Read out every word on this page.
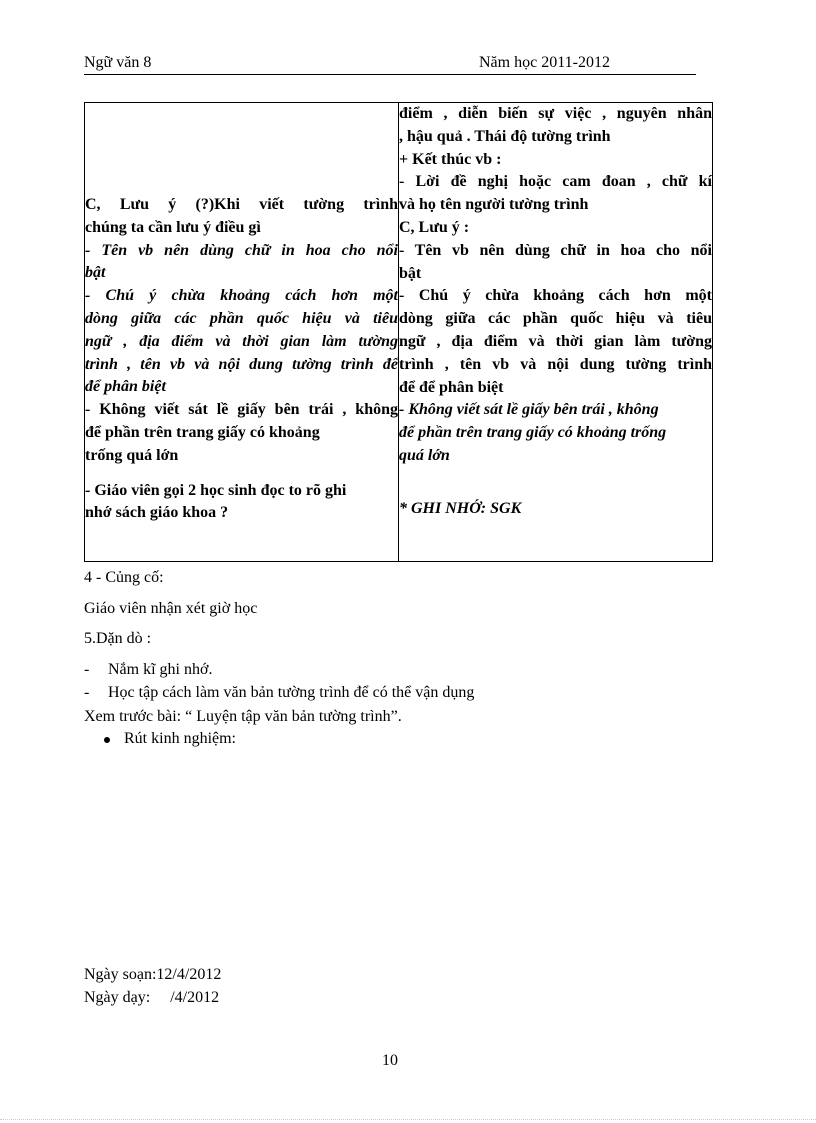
Ngữ văn 8	Năm học 2011-2012
C, Lưu ý (?)Khi viết tường trình
chúng ta cần lưu ý điều gì
- Tên vb nên dùng chữ in hoa cho nổi
bật
- Chú ý chừa khoảng cách hơn một
dòng giữa các phần quốc hiệu và tiêu
ngữ , địa điểm và thời gian làm tường
trình , tên vb và nội dung tường trình để
để phân biệt
- Không viết sát lề giấy bên trái , không
để phần trên trang giấy có khoảng
trống quá lớn
- Giáo viên gọi 2 học sinh đọc to rõ ghi
nhớ sách giáo khoa ?

điểm , diễn biến sự việc , nguyên nhân
, hậu quả . Thái độ tường trình
+ Kết thúc vb :
- Lời đề nghị hoặc cam đoan , chữ kí
và họ tên người tường trình
C, Lưu ý :
- Tên vb nên dùng chữ in hoa cho nổi
bật
- Chú ý chừa khoảng cách hơn một
dòng giữa các phần quốc hiệu và tiêu
ngữ , địa điểm và thời gian làm tường
trình , tên vb và nội dung tường trình
để để phân biệt
- Không viết sát lề giấy bên trái , không
để phần trên trang giấy có khoảng trống
quá lớn
* GHI NHỚ: SGK
4 - Củng cố:
Giáo viên nhận xét giờ học
5.Dặn dò :
- Nắm kĩ ghi nhớ.
- Học tập cách làm văn bản tường trình để có thể vận dụng
Xem trước bài: “ Luyện tập văn bản tường trình”.
Rút kinh nghiệm:
Ngày soạn:12/4/2012
Ngày dạy:     /4/2012
10
